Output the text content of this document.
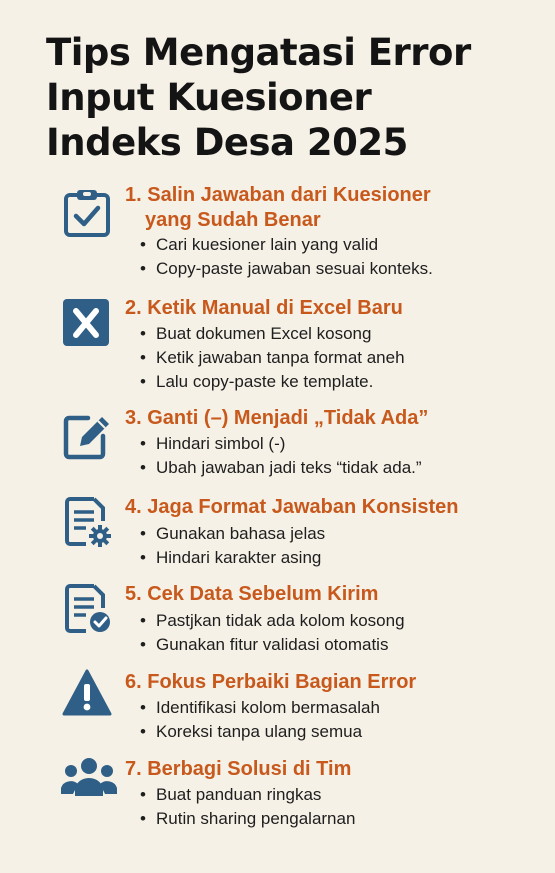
Tips Mengatasi Error
Input Kuesioner
Indeks Desa 2025
1. Salin Jawaban dari Kuesioner
yang Sudah Benar
• Cari kuesioner lain yang valid
• Copy-paste jawaban sesuai konteks.
2. Ketik Manual di Excel Baru
• Buat dokumen Excel kosong
• Ketik jawaban tanpa format aneh
• Lalu copy-paste ke template.
3. Ganti (–) Menjadi „Tidak Ada”
• Hindari simbol (-)
• Ubah jawaban jadi teks “tidak ada.”
4. Jaga Format Jawaban Konsisten
• Gunakan bahasa jelas
• Hindari karakter asing
5. Cek Data Sebelum Kirim
• Pastjkan tidak ada kolom kosong
• Gunakan fitur validasi otomatis
6. Fokus Perbaiki Bagian Error
• Identifikasi kolom bermasalah
• Koreksi tanpa ulang semua
7. Berbagi Solusi di Tim
• Buat panduan ringkas
• Rutin sharing pengalarnan
